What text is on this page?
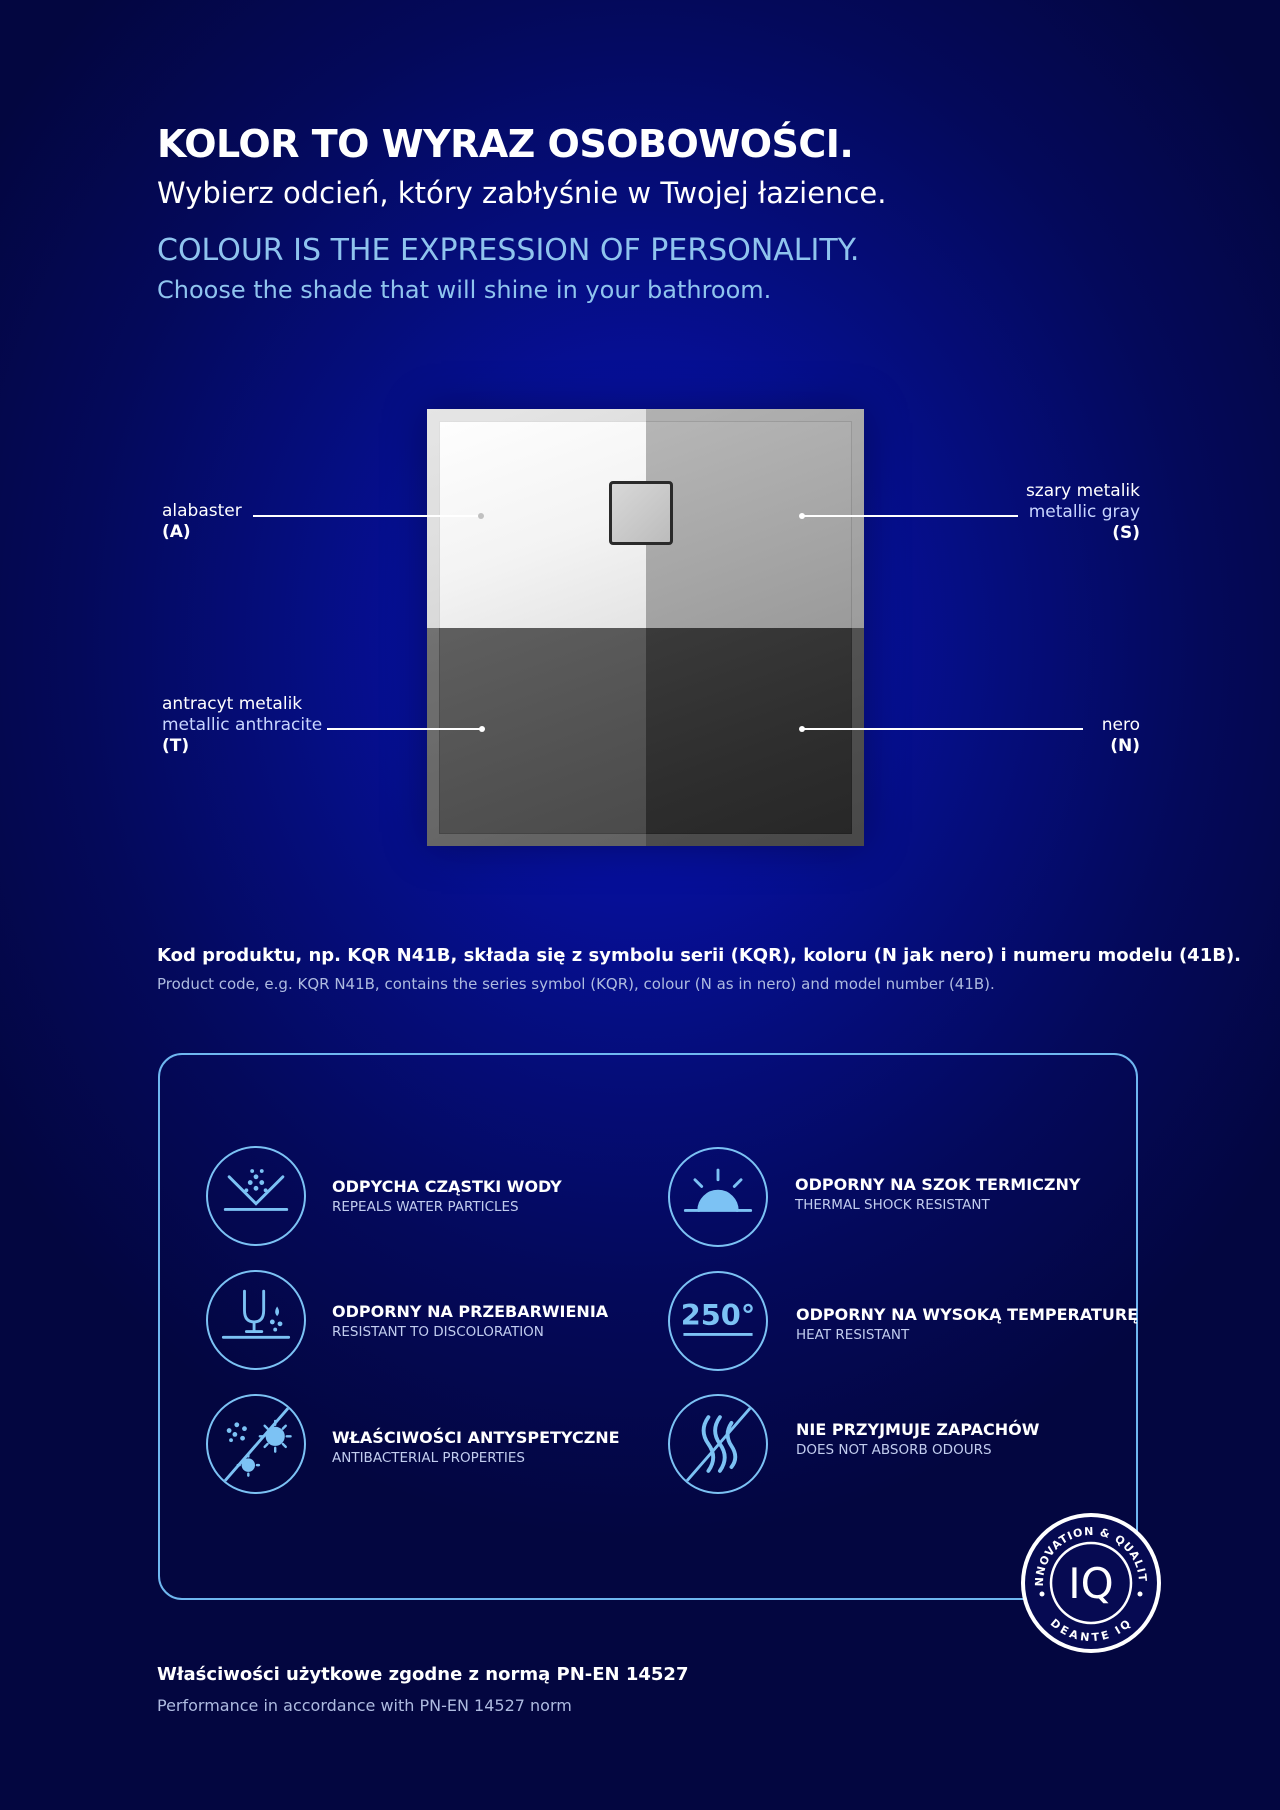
KOLOR TO WYRAZ OSOBOWOŚCI.
Wybierz odcień, który zabłyśnie w Twojej łazience.
COLOUR IS THE EXPRESSION OF PERSONALITY.
Choose the shade that will shine in your bathroom.
alabaster
(A)
szary metalik
metallic gray
(S)
antracyt metalik
metallic anthracite
(T)
nero
(N)
Kod produktu, np. KQR N41B, składa się z symbolu serii (KQR), koloru (N jak nero) i numeru modelu (41B).
Product code, e.g. KQR N41B, contains the series symbol (KQR), colour (N as in nero) and model number (41B).
ODPYCHA CZĄSTKI WODY
REPEALS WATER PARTICLES
ODPORNY NA SZOK TERMICZNY
THERMAL SHOCK RESISTANT
ODPORNY NA PRZEBARWIENIA
RESISTANT TO DISCOLORATION
250°	ODPORNY NA WYSOKĄ TEMPERATURĘ
HEAT RESISTANT
WŁAŚCIWOŚCI ANTYSPETYCZNE
ANTIBACTERIAL PROPERTIES
NIE PRZYJMUJE ZAPACHÓW
DOES NOT ABSORB ODOURS
NNOVATION & QUALIT
DEANTE IQ
IQ
Właściwości użytkowe zgodne z normą PN-EN 14527
Performance in accordance with PN-EN 14527 norm
